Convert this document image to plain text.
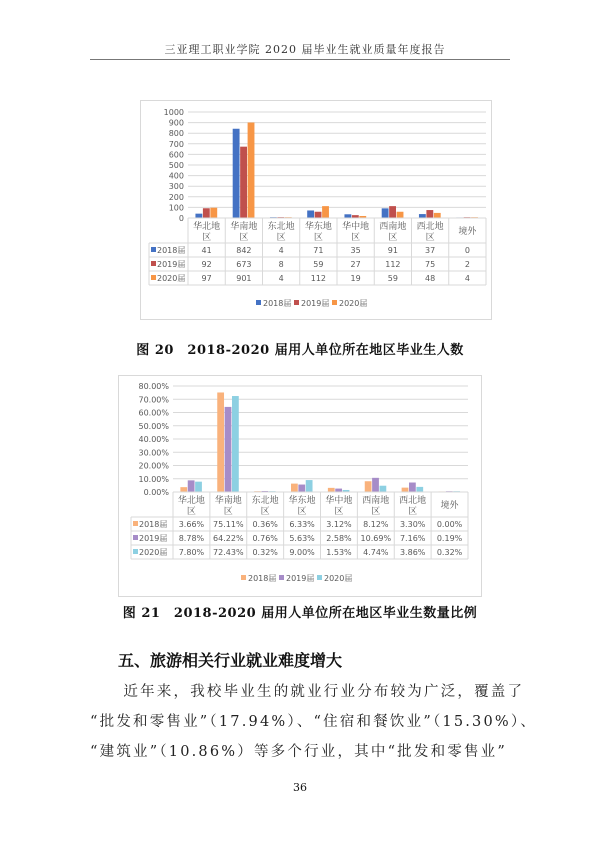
三亚理工职业学院 2020 届毕业生就业质量年度报告
0
100
200
300
400
500
600
700
800
900
1000
华北地区
华南地区
东北地区
华东地区
华中地区
西南地区
西北地区
境外
2018届 41	842	4	71	35	91	37	0
2019届 92	673	8	59	27	112	75	2
2020届 97	901	4	112	19	59	48	4
2018届 2019届 2020届
图 20　2018-2020 届用人单位所在地区毕业生人数
0.00%
10.00%
20.00%
30.00%
40.00%
50.00%
60.00%
70.00%
80.00%
华北地区
华南地区
东北地区
华东地区
华中地区
西南地区
西北地区
境外
2018届 3.66% 75.11% 0.36% 6.33% 3.12% 8.12% 3.30% 0.00%
2019届 8.78% 64.22% 0.76% 5.63% 2.58% 10.69% 7.16% 0.19%
2020届 7.80% 72.43% 0.32% 9.00% 1.53% 4.74% 3.86% 0.32%
2018届 2019届 2020届
图 21　2018-2020 届用人单位所在地区毕业生数量比例
五、旅游相关行业就业难度增大
　　近年来，我校毕业生的就业行业分布较为广泛，覆盖了
“批发和零售业”（17.94%）、“住宿和餐饮业”（15.30%）、
“建筑业”（10.86%）等多个行业，其中“批发和零售业”
36
